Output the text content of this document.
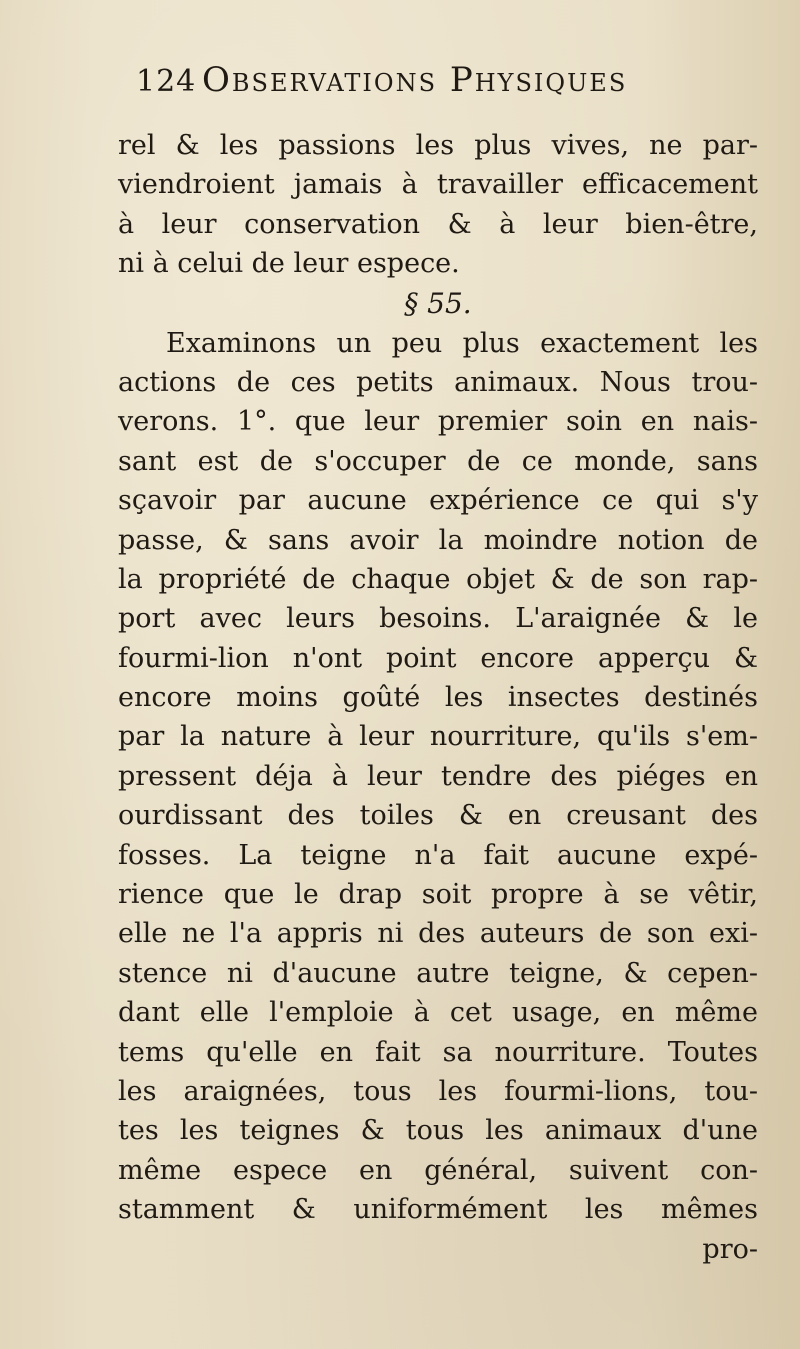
124 Observations Physiques
rel & les passions les plus vives, ne par-
viendroient jamais à travailler efficacement
à leur conservation & à leur bien-être,
ni à celui de leur espece.
§ 55.
Examinons un peu plus exactement les
actions de ces petits animaux. Nous trou-
verons. 1°. que leur premier soin en nais-
sant est de s'occuper de ce monde, sans
sçavoir par aucune expérience ce qui s'y
passe, & sans avoir la moindre notion de
la propriété de chaque objet & de son rap-
port avec leurs besoins. L'araignée & le
fourmi-lion n'ont point encore apperçu &
encore moins goûté les insectes destinés
par la nature à leur nourriture, qu'ils s'em-
pressent déja à leur tendre des piéges en
ourdissant des toiles & en creusant des
fosses. La teigne n'a fait aucune expé-
rience que le drap soit propre à se vêtir,
elle ne l'a appris ni des auteurs de son exi-
stence ni d'aucune autre teigne, & cepen-
dant elle l'emploie à cet usage, en même
tems qu'elle en fait sa nourriture. Toutes
les araignées, tous les fourmi-lions, tou-
tes les teignes & tous les animaux d'une
même espece en général, suivent con-
stamment & uniformément les mêmes
pro-
